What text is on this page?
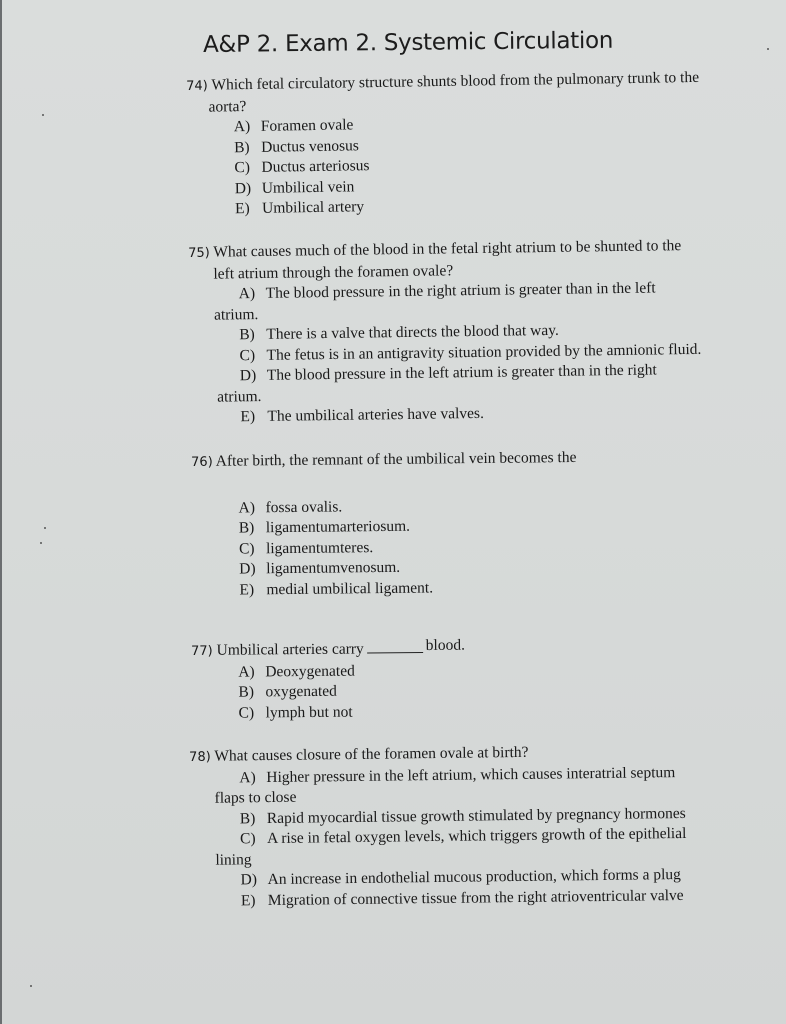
A&P 2. Exam 2. Systemic Circulation
74) Which fetal circulatory structure shunts blood from the pulmonary trunk to the
aorta?
A) Foramen ovale
B) Ductus venosus
C) Ductus arteriosus
D) Umbilical vein
E) Umbilical artery
75) What causes much of the blood in the fetal right atrium to be shunted to the
left atrium through the foramen ovale?
A) The blood pressure in the right atrium is greater than in the left
atrium.
B) There is a valve that directs the blood that way.
C) The fetus is in an antigravity situation provided by the amnionic fluid.
D) The blood pressure in the left atrium is greater than in the right
atrium.
E) The umbilical arteries have valves.
76) After birth, the remnant of the umbilical vein becomes the
A) fossa ovalis.
B) ligamentumarteriosum.
C) ligamentumteres.
D) ligamentumvenosum.
E) medial umbilical ligament.
77) Umbilical arteries carry	blood.
A) Deoxygenated
B) oxygenated
C) lymph but not
78) What causes closure of the foramen ovale at birth?
A) Higher pressure in the left atrium, which causes interatrial septum
flaps to close
B) Rapid myocardial tissue growth stimulated by pregnancy hormones
C) A rise in fetal oxygen levels, which triggers growth of the epithelial
lining
D) An increase in endothelial mucous production, which forms a plug
E) Migration of connective tissue from the right atrioventricular valve
